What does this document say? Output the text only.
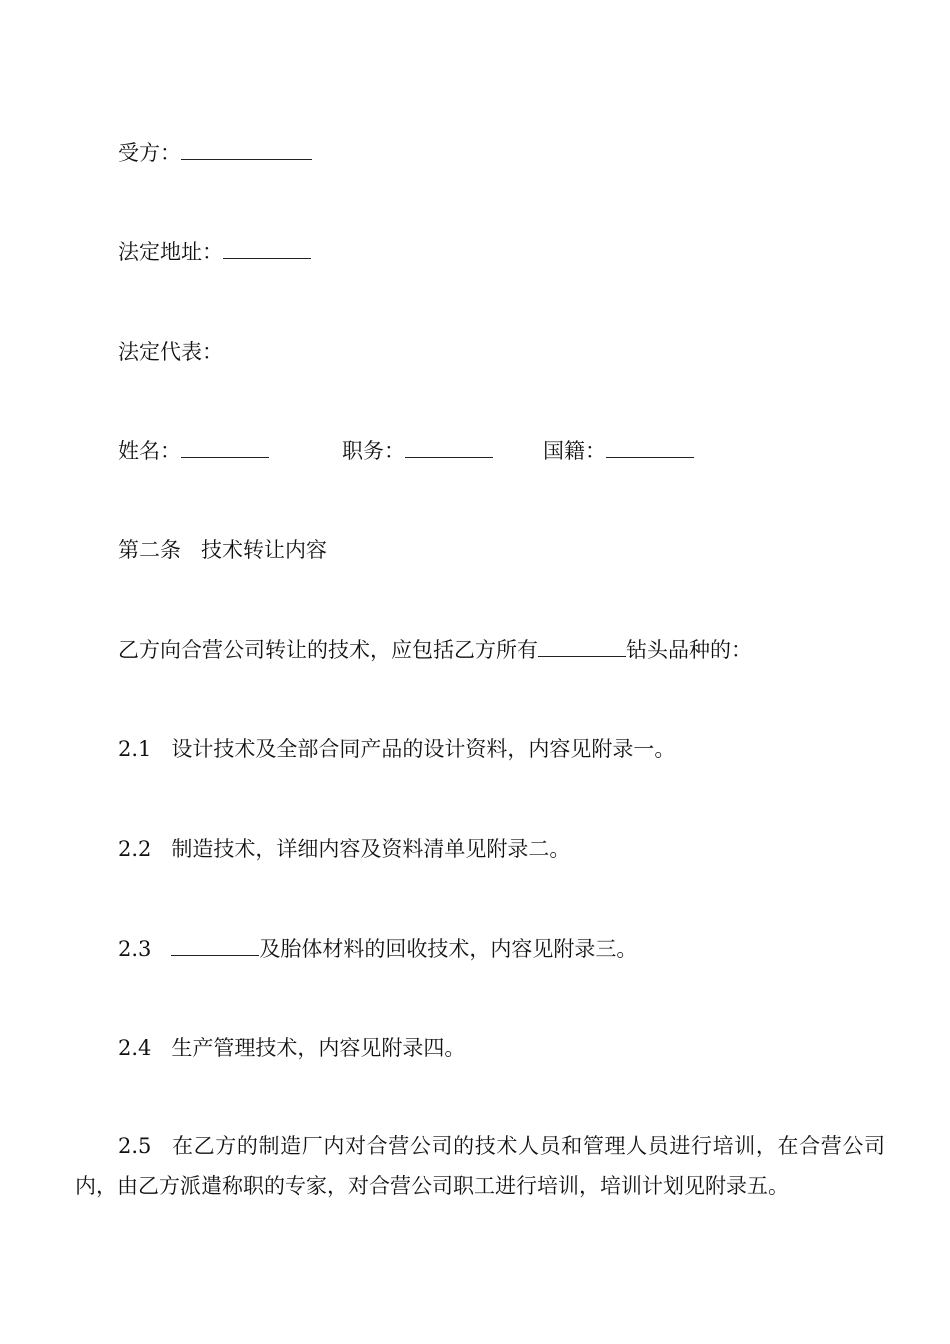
受方：
法定地址：
法定代表：
姓名：	职务：	国籍：
第二条 技术转让内容
乙方向合营公司转让的技术，应包括乙方所有	钻头品种的：
2.1 设计技术及全部合同产品的设计资料，内容见附录一。
2.2 制造技术，详细内容及资料清单见附录二。
2.3	及胎体材料的回收技术，内容见附录三。
2.4 生产管理技术，内容见附录四。
2.5 在乙方的制造厂内对合营公司的技术人员和管理人员进行培训，在合营公司内，由乙方派遣称职的专家，对合营公司职工进行培训，培训计划见附录五。
